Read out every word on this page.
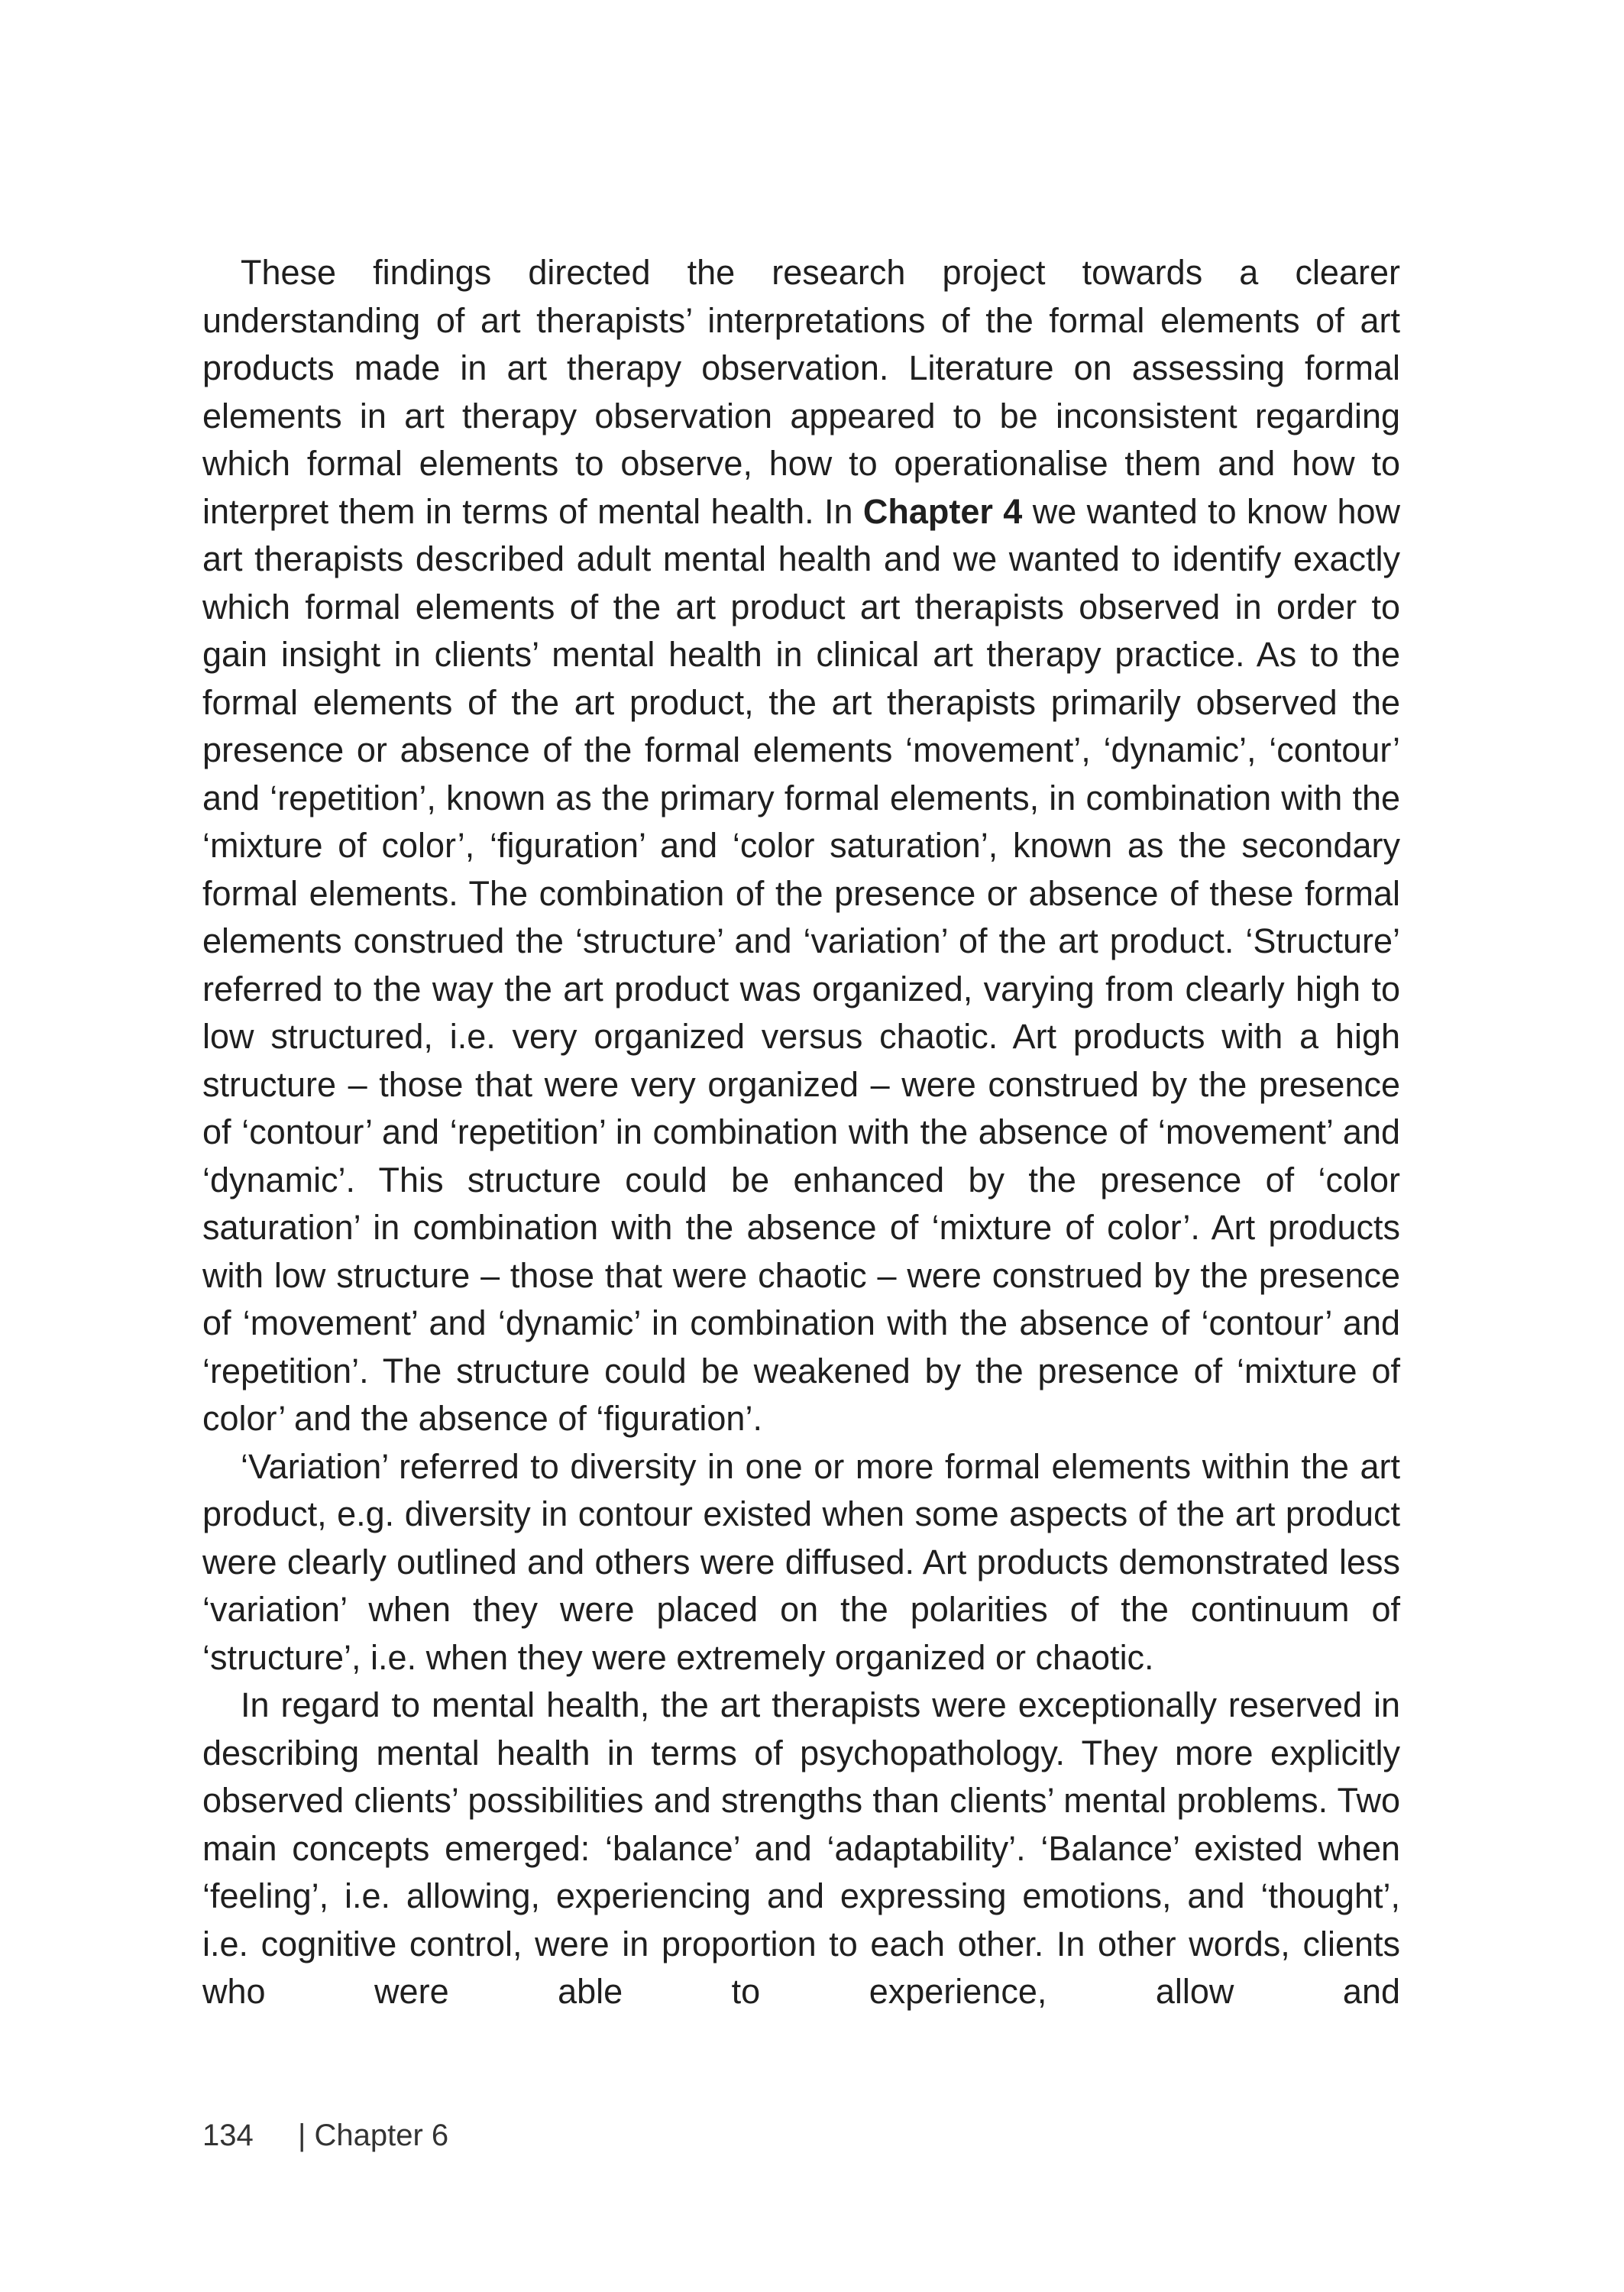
These findings directed the research project towards a clearer understanding of art therapists’ interpretations of the formal elements of art products made in art therapy observation. Literature on assessing formal elements in art therapy observation appeared to be inconsistent regarding which formal elements to observe, how to operationalise them and how to interpret them in terms of mental health. In Chapter 4 we wanted to know how art therapists described adult mental health and we wanted to identify exactly which formal elements of the art product art therapists observed in order to gain insight in clients’ mental health in clinical art therapy practice. As to the formal elements of the art product, the art therapists primarily observed the presence or absence of the formal elements ‘movement’, ‘dynamic’, ‘contour’ and ‘repetition’, known as the primary formal elements, in combination with the ‘mixture of color’, ‘figuration’ and ‘color saturation’, known as the secondary formal elements. The combination of the presence or absence of these formal elements construed the ‘structure’ and ‘variation’ of the art product. ‘Structure’ referred to the way the art product was organized, varying from clearly high to low structured, i.e. very organized versus chaotic. Art products with a high structure – those that were very organized – were construed by the presence of ‘contour’ and ‘repetition’ in combination with the absence of ‘movement’ and ‘dynamic’. This structure could be enhanced by the presence of ‘color saturation’ in combination with the absence of ‘mixture of color’. Art products with low structure – those that were chaotic – were construed by the presence of ‘movement’ and ‘dynamic’ in combination with the absence of ‘contour’ and ‘repetition’. The structure could be weakened by the presence of ‘mixture of color’ and the absence of ‘figuration’.

‘Variation’ referred to diversity in one or more formal elements within the art product, e.g. diversity in contour existed when some aspects of the art product were clearly outlined and others were diffused. Art products demonstrated less ‘variation’ when they were placed on the polarities of the continuum of ‘structure’, i.e. when they were extremely organized or chaotic.

In regard to mental health, the art therapists were exceptionally reserved in describing mental health in terms of psychopathology. They more explicitly observed clients’ possibilities and strengths than clients’ mental problems. Two main concepts emerged: ‘balance’ and ‘adaptability’. ‘Balance’ existed when ‘feeling’, i.e. allowing, experiencing and expressing emotions, and ‘thought’, i.e. cognitive control, were in proportion to each other. In other words, clients who were able to experience, allow and

134 | Chapter 6
